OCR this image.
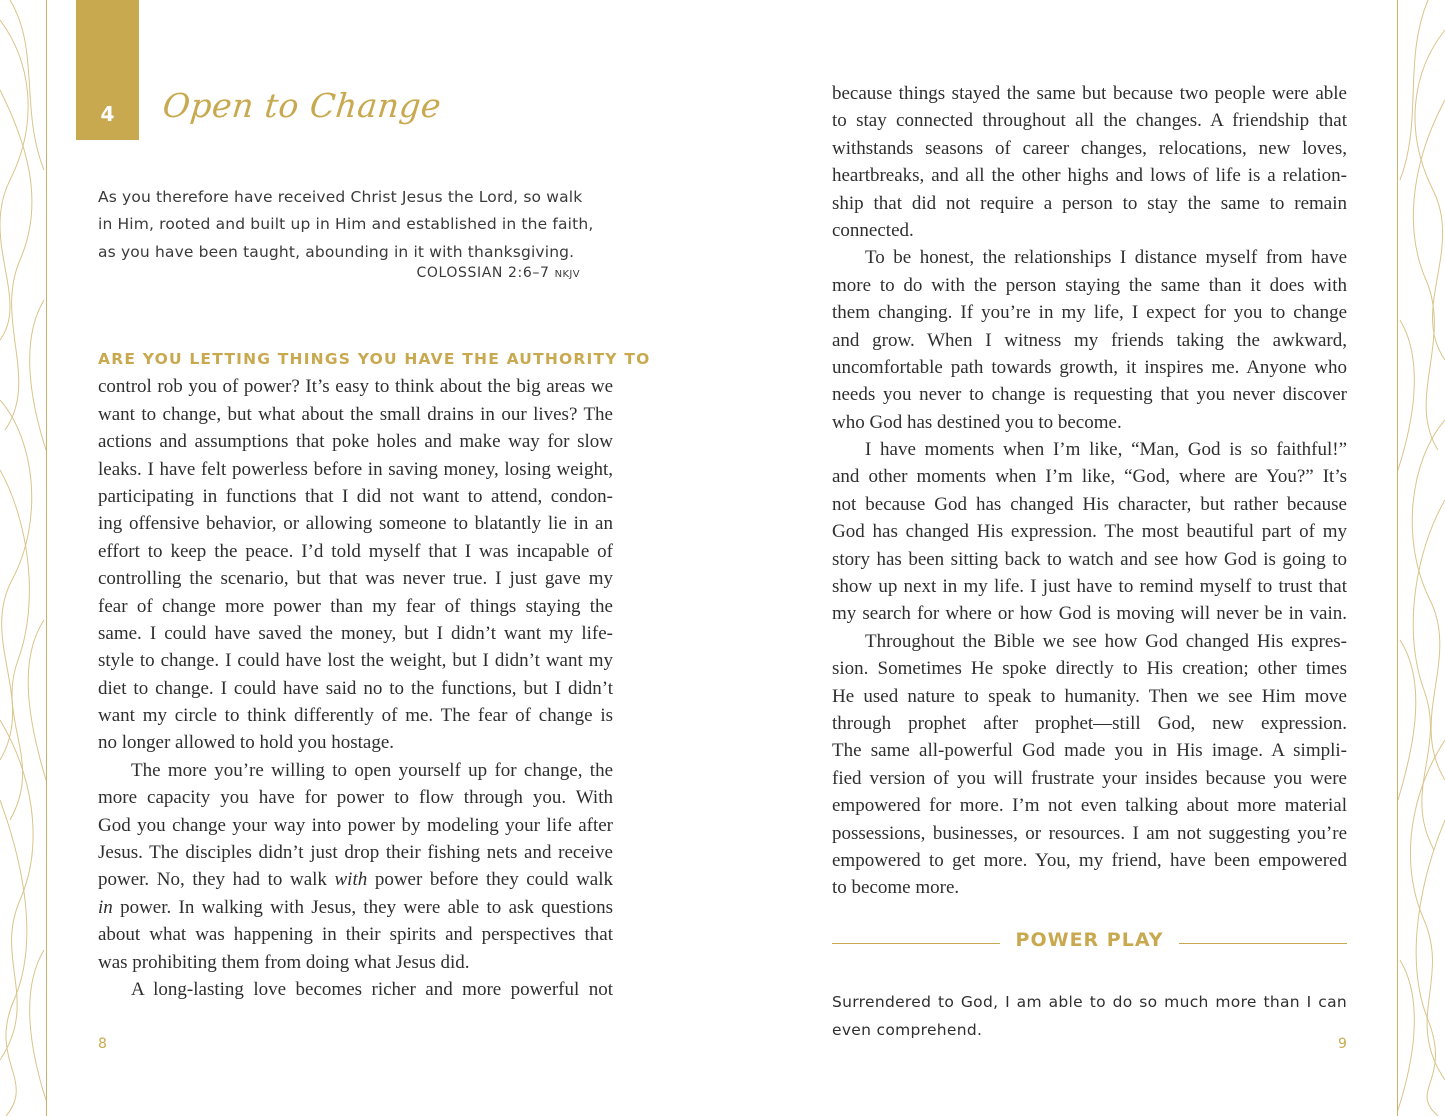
4	Open to Change
As you therefore have received Christ Jesus the Lord, so walk
in Him, rooted and built up in Him and established in the faith,
as you have been taught, abounding in it with thanksgiving.
COLOSSIAN 2:6–7 NKJV
ARE YOU LETTING THINGS YOU HAVE THE AUTHORITY TO
control rob you of power? It’s easy to think about the big areas we
want to change, but what about the small drains in our lives? The
actions and assumptions that poke holes and make way for slow
leaks. I have felt powerless before in saving money, losing weight,
participating in functions that I did not want to attend, condon-
ing offensive behavior, or allowing someone to blatantly lie in an
effort to keep the peace. I’d told myself that I was incapable of
controlling the scenario, but that was never true. I just gave my
fear of change more power than my fear of things staying the
same. I could have saved the money, but I didn’t want my life-
style to change. I could have lost the weight, but I didn’t want my
diet to change. I could have said no to the functions, but I didn’t
want my circle to think differently of me. The fear of change is
no longer allowed to hold you hostage.
The more you’re willing to open yourself up for change, the
more capacity you have for power to flow through you. With
God you change your way into power by modeling your life after
Jesus. The disciples didn’t just drop their fishing nets and receive
power. No, they had to walk with power before they could walk
in power. In walking with Jesus, they were able to ask questions
about what was happening in their spirits and perspectives that
was prohibiting them from doing what Jesus did.
A long-lasting love becomes richer and more powerful not
8
because things stayed the same but because two people were able
to stay connected throughout all the changes. A friendship that
withstands seasons of career changes, relocations, new loves,
heartbreaks, and all the other highs and lows of life is a relation-
ship that did not require a person to stay the same to remain
connected.
To be honest, the relationships I distance myself from have
more to do with the person staying the same than it does with
them changing. If you’re in my life, I expect for you to change
and grow. When I witness my friends taking the awkward,
uncomfortable path towards growth, it inspires me. Anyone who
needs you never to change is requesting that you never discover
who God has destined you to become.
I have moments when I’m like, “Man, God is so faithful!”
and other moments when I’m like, “God, where are You?” It’s
not because God has changed His character, but rather because
God has changed His expression. The most beautiful part of my
story has been sitting back to watch and see how God is going to
show up next in my life. I just have to remind myself to trust that
my search for where or how God is moving will never be in vain.
Throughout the Bible we see how God changed His expres-
sion. Sometimes He spoke directly to His creation; other times
He used nature to speak to humanity. Then we see Him move
through prophet after prophet—still God, new expression.
The same all-powerful God made you in His image. A simpli-
fied version of you will frustrate your insides because you were
empowered for more. I’m not even talking about more material
possessions, businesses, or resources. I am not suggesting you’re
empowered to get more. You, my friend, have been empowered
to become more.
POWER PLAY
Surrendered to God, I am able to do so much more than I can
even comprehend.
9
